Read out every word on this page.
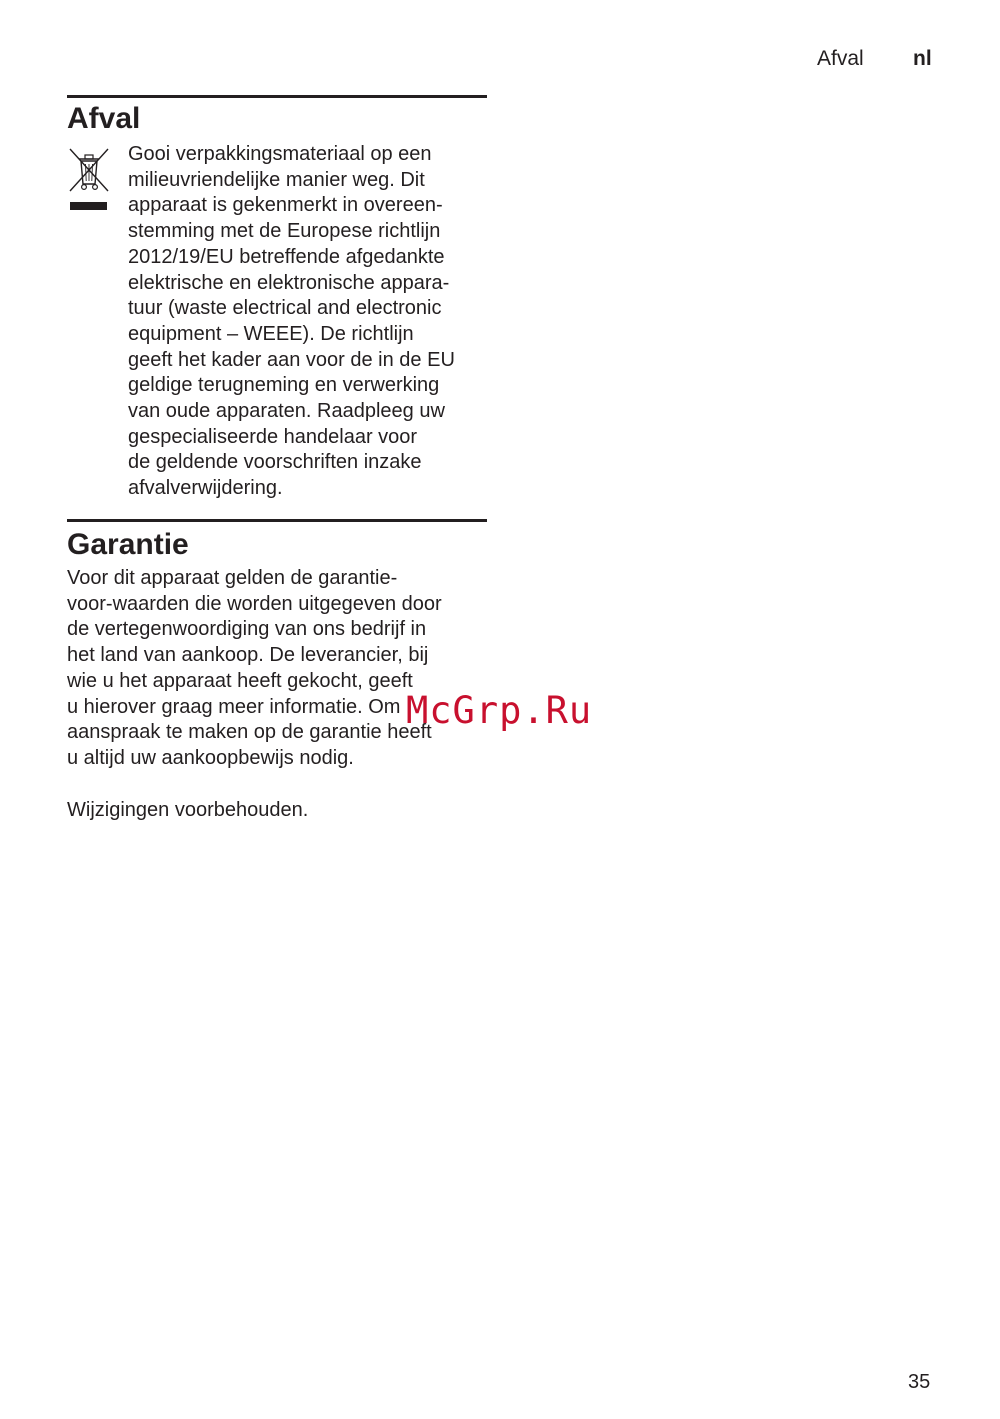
Afval nl
Afval

Gooi verpakkingsmateriaal op een
milieuvriendelijke manier weg. Dit
apparaat is gekenmerkt in overeen-
stemming met de Europese richtlijn
2012/19/EU betreffende afgedankte
elektrische en elektronische appara-
tuur (waste electrical and electronic
equipment – WEEE). De richtlijn
geeft het kader aan voor de in de EU
geldige terugneming en verwerking
van oude apparaten. Raadpleeg uw
gespecialiseerde handelaar voor
de geldende voorschriften inzake
afvalverwijdering.

Garantie

Voor dit apparaat gelden de garantie-
voor-waarden die worden uitgegeven door
de vertegenwoordiging van ons bedrijf in
het land van aankoop. De leverancier, bij
wie u het apparaat heeft gekocht, geeft
u hierover graag meer informatie. Om
aanspraak te maken op de garantie heeft
u altijd uw aankoopbewijs nodig.

Wijzigingen voorbehouden.
McGrp.Ru
35
